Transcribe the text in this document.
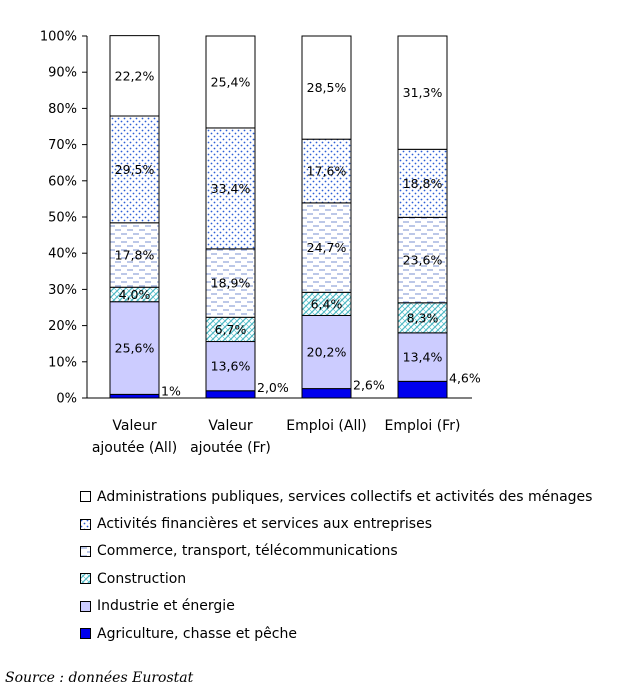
0%
10%
20%
30%
40%
50%
60%
70%
80%
90%
100%
1%
25,6%
4,0%
17,8%
29,5%
22,2%
2,0%
13,6%
6,7%
18,9%
33,4%
25,4%
2,6%
20,2%
6,4%
24,7%
17,6%
28,5%
4,6%
13,4%
8,3%
23,6%
18,8%
31,3%
Valeur ajoutée (All)
Valeur ajoutée (Fr)
Emploi (All) Emploi (Fr)
Administrations publiques, services collectifs et activités des ménages
Activités financières et services aux entreprises
Commerce, transport, télécommunications
Construction
Industrie et énergie
Agriculture, chasse et pêche
Source : données Eurostat
